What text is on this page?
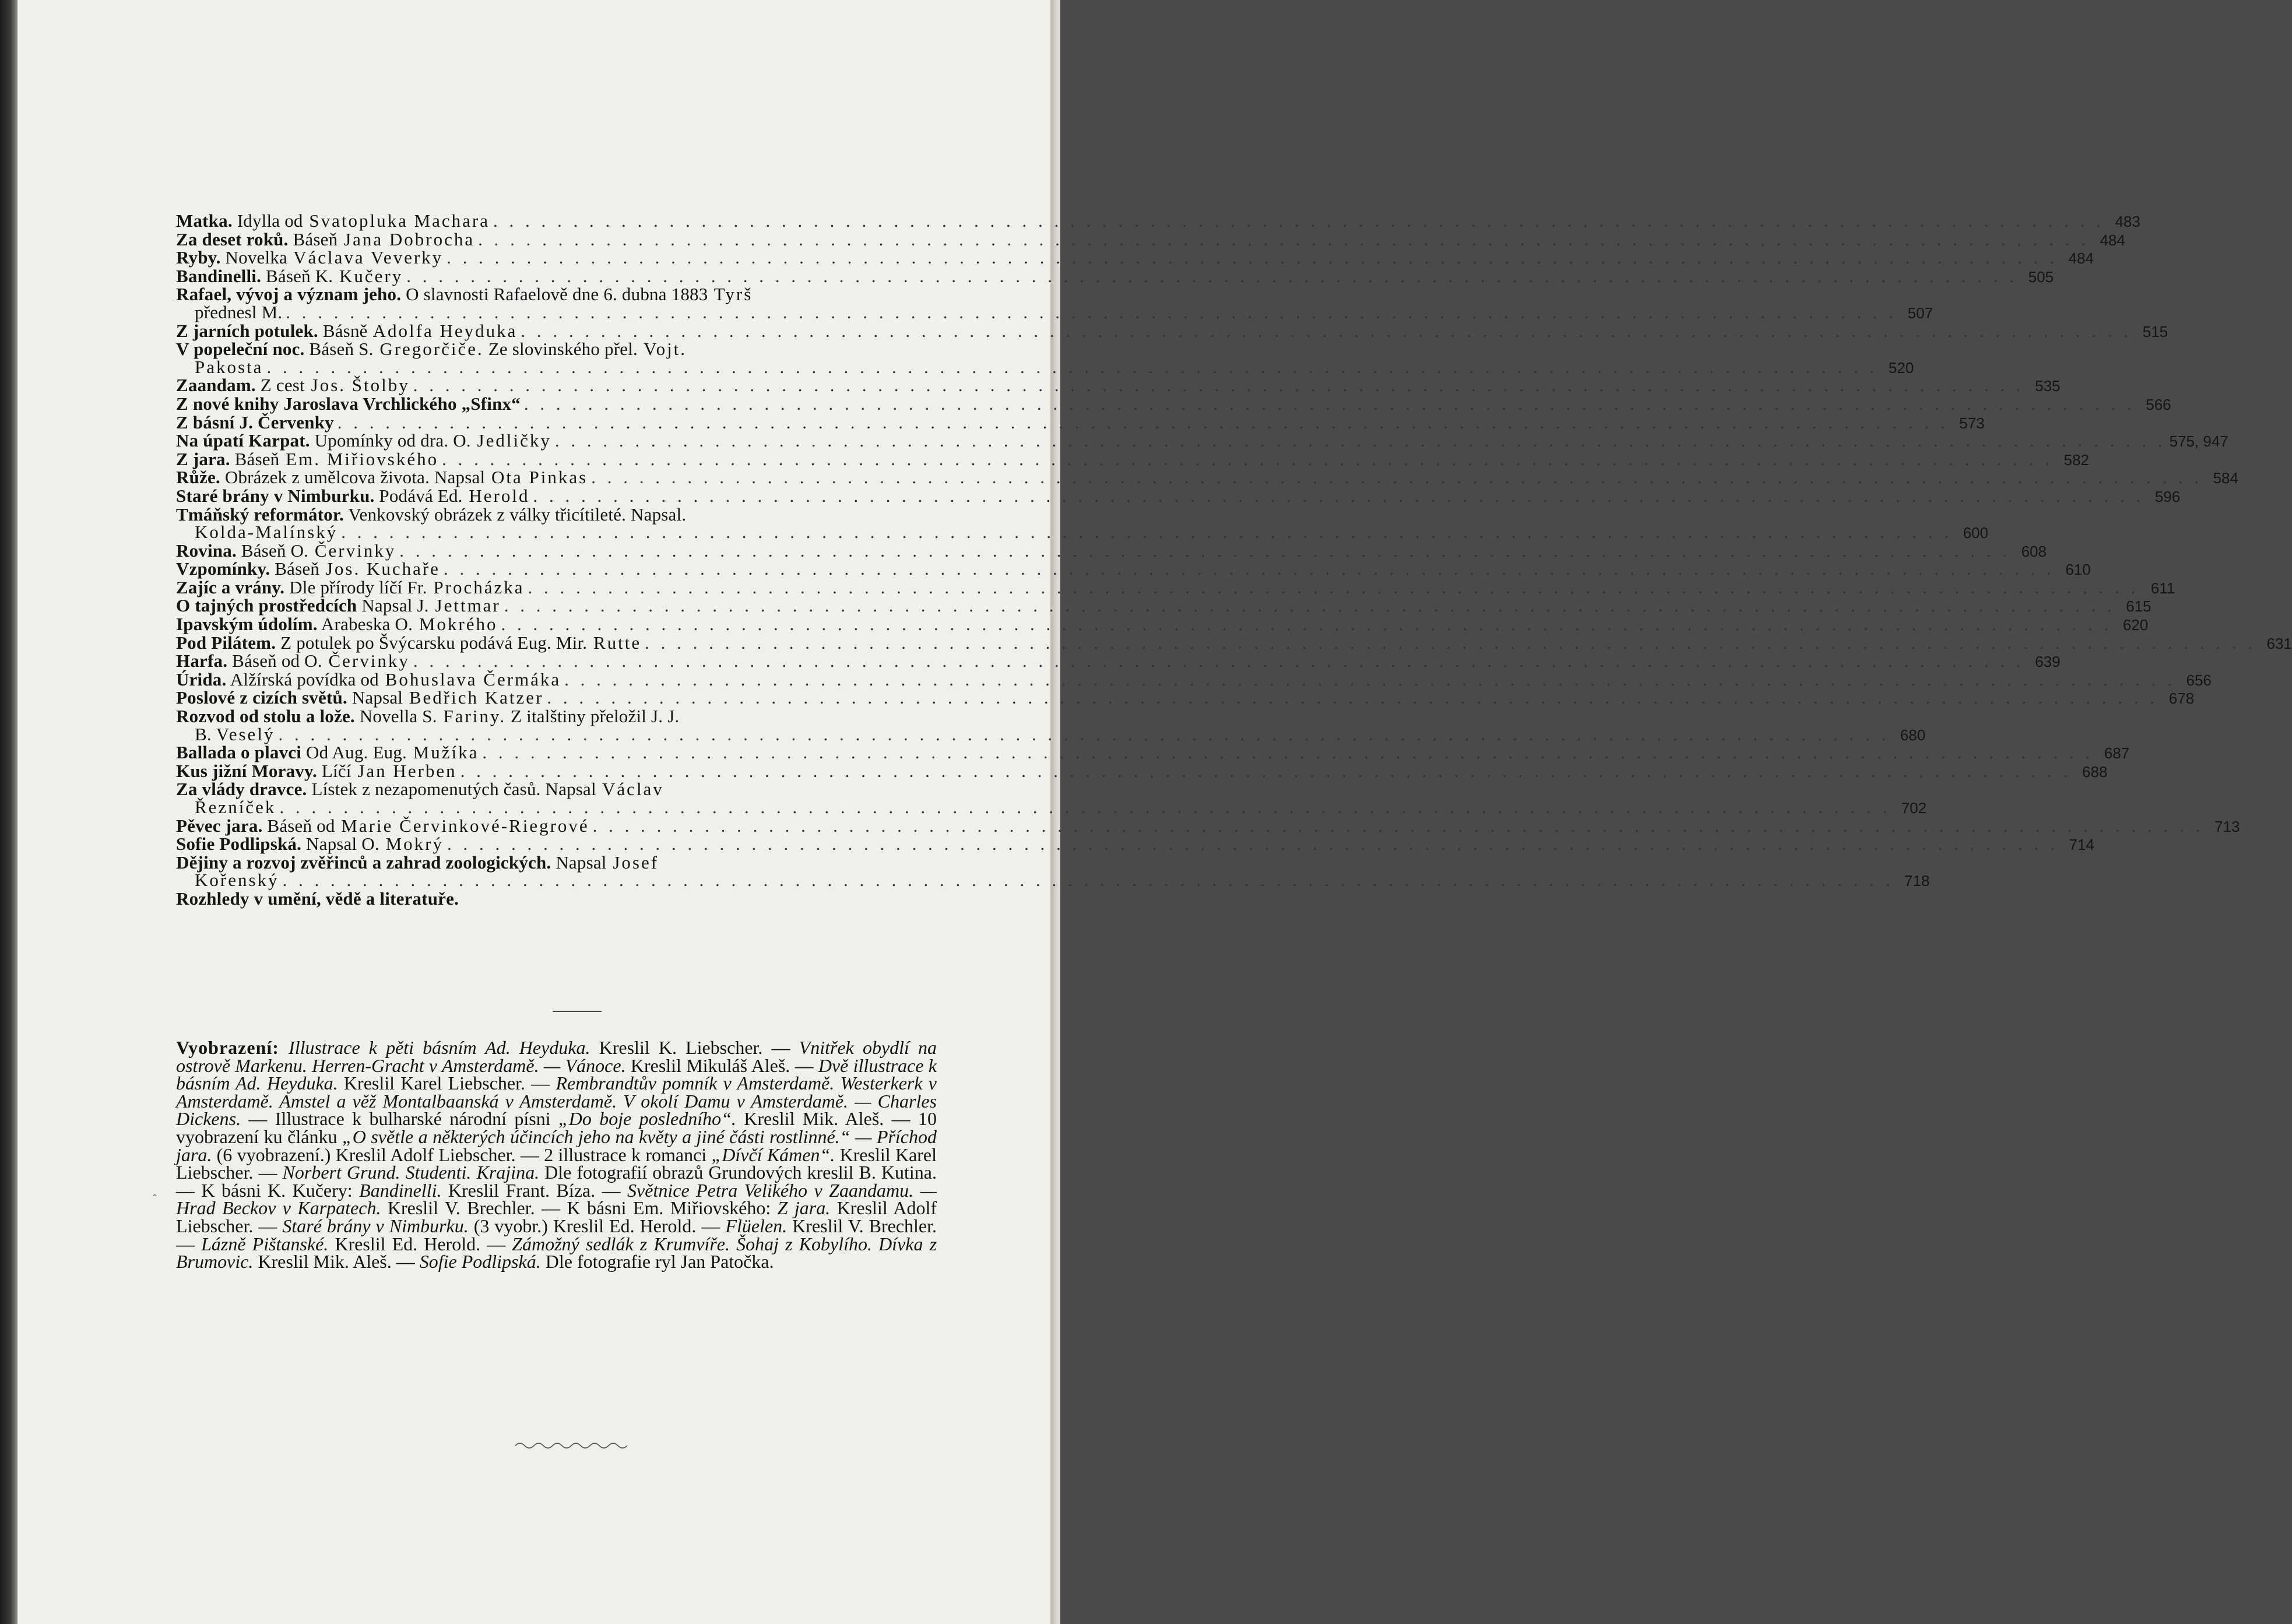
Matka. Idylla od Svatopluka Machara . . . . . . . . . . . . . . . . . . . . . . . . . . . . . . . . . . . . . . . . . . . . . . . . . . . . . . . . . . . . . . . . . . . . . . . . . . . . . . . . . . . . . . . . . . . . . . . . . . . . . 483
Za deset roků. Báseň Jana Dobrocha . . . . . . . . . . . . . . . . . . . . . . . . . . . . . . . . . . . . . . . . . . . . . . . . . . . . . . . . . . . . . . . . . . . . . . . . . . . . . . . . . . . . . . . . . . . . . . . . . . . . . 484
Ryby. Novelka Václava Veverky . . . . . . . . . . . . . . . . . . . . . . . . . . . . . . . . . . . . . . . . . . . . . . . . . . . . . . . . . . . . . . . . . . . . . . . . . . . . . . . . . . . . . . . . . . . . . . . . . . . . . 484
Bandinelli. Báseň K. Kučery . . . . . . . . . . . . . . . . . . . . . . . . . . . . . . . . . . . . . . . . . . . . . . . . . . . . . . . . . . . . . . . . . . . . . . . . . . . . . . . . . . . . . . . . . . . . . . . . . . . . . 505
Rafael, vývoj a význam jeho. O slavnosti Rafaelově dne 6. dubna 1883 Tyrš
přednesl M. . . . . . . . . . . . . . . . . . . . . . . . . . . . . . . . . . . . . . . . . . . . . . . . . . . . . . . . . . . . . . . . . . . . . . . . . . . . . . . . . . . . . . . . . . . . . . . . . . . . . . 507
Z jarních potulek. Básně Adolfa Heyduka . . . . . . . . . . . . . . . . . . . . . . . . . . . . . . . . . . . . . . . . . . . . . . . . . . . . . . . . . . . . . . . . . . . . . . . . . . . . . . . . . . . . . . . . . . . . . . . . . . . . . 515
V popeleční noc. Báseň S. Gregorčiče. Ze slovinského přel. Vojt.
Pakosta . . . . . . . . . . . . . . . . . . . . . . . . . . . . . . . . . . . . . . . . . . . . . . . . . . . . . . . . . . . . . . . . . . . . . . . . . . . . . . . . . . . . . . . . . . . . . . . . . . . . . 520
Zaandam. Z cest Jos. Štolby . . . . . . . . . . . . . . . . . . . . . . . . . . . . . . . . . . . . . . . . . . . . . . . . . . . . . . . . . . . . . . . . . . . . . . . . . . . . . . . . . . . . . . . . . . . . . . . . . . . . . 535
Z nové knihy Jaroslava Vrchlického „Sfinx“ . . . . . . . . . . . . . . . . . . . . . . . . . . . . . . . . . . . . . . . . . . . . . . . . . . . . . . . . . . . . . . . . . . . . . . . . . . . . . . . . . . . . . . . . . . . . . . . . . . . . . 566
Z básní J. Červenky . . . . . . . . . . . . . . . . . . . . . . . . . . . . . . . . . . . . . . . . . . . . . . . . . . . . . . . . . . . . . . . . . . . . . . . . . . . . . . . . . . . . . . . . . . . . . . . . . . . . . 573
Na úpatí Karpat. Upomínky od dra. O. Jedličky . . . . . . . . . . . . . . . . . . . . . . . . . . . . . . . . . . . . . . . . . . . . . . . . . . . . . . . . . . . . . . . . . . . . . . . . . . . . . . . . . . . . . . . . . . . . . . . . . . . . . 575, 947
Z jara. Báseň Em. Miřiovského . . . . . . . . . . . . . . . . . . . . . . . . . . . . . . . . . . . . . . . . . . . . . . . . . . . . . . . . . . . . . . . . . . . . . . . . . . . . . . . . . . . . . . . . . . . . . . . . . . . . . 582
Růže. Obrázek z umělcova života. Napsal Ota Pinkas . . . . . . . . . . . . . . . . . . . . . . . . . . . . . . . . . . . . . . . . . . . . . . . . . . . . . . . . . . . . . . . . . . . . . . . . . . . . . . . . . . . . . . . . . . . . . . . . . . . . . 584
Staré brány v Nimburku. Podává Ed. Herold . . . . . . . . . . . . . . . . . . . . . . . . . . . . . . . . . . . . . . . . . . . . . . . . . . . . . . . . . . . . . . . . . . . . . . . . . . . . . . . . . . . . . . . . . . . . . . . . . . . . . 596
Tmáňský reformátor. Venkovský obrázek z války třicítileté. Napsal.
Kolda-Malínský . . . . . . . . . . . . . . . . . . . . . . . . . . . . . . . . . . . . . . . . . . . . . . . . . . . . . . . . . . . . . . . . . . . . . . . . . . . . . . . . . . . . . . . . . . . . . . . . . . . . . 600
Rovina. Báseň O. Červinky . . . . . . . . . . . . . . . . . . . . . . . . . . . . . . . . . . . . . . . . . . . . . . . . . . . . . . . . . . . . . . . . . . . . . . . . . . . . . . . . . . . . . . . . . . . . . . . . . . . . . 608
Vzpomínky. Báseň Jos. Kuchaře . . . . . . . . . . . . . . . . . . . . . . . . . . . . . . . . . . . . . . . . . . . . . . . . . . . . . . . . . . . . . . . . . . . . . . . . . . . . . . . . . . . . . . . . . . . . . . . . . . . . . 610
Zajíc a vrány. Dle přírody líčí Fr. Procházka . . . . . . . . . . . . . . . . . . . . . . . . . . . . . . . . . . . . . . . . . . . . . . . . . . . . . . . . . . . . . . . . . . . . . . . . . . . . . . . . . . . . . . . . . . . . . . . . . . . . . 611
O tajných prostředcích Napsal J. Jettmar . . . . . . . . . . . . . . . . . . . . . . . . . . . . . . . . . . . . . . . . . . . . . . . . . . . . . . . . . . . . . . . . . . . . . . . . . . . . . . . . . . . . . . . . . . . . . . . . . . . . . 615
Ipavským údolím. Arabeska O. Mokrého . . . . . . . . . . . . . . . . . . . . . . . . . . . . . . . . . . . . . . . . . . . . . . . . . . . . . . . . . . . . . . . . . . . . . . . . . . . . . . . . . . . . . . . . . . . . . . . . . . . . . 620
Pod Pilátem. Z potulek po Švýcarsku podává Eug. Mir. Rutte . . . . . . . . . . . . . . . . . . . . . . . . . . . . . . . . . . . . . . . . . . . . . . . . . . . . . . . . . . . . . . . . . . . . . . . . . . . . . . . . . . . . . . . . . . . . . . . . . . . . . 631
Harfa. Báseň od O. Červinky . . . . . . . . . . . . . . . . . . . . . . . . . . . . . . . . . . . . . . . . . . . . . . . . . . . . . . . . . . . . . . . . . . . . . . . . . . . . . . . . . . . . . . . . . . . . . . . . . . . . . 639
Úrida. Alžírská povídka od Bohuslava Čermáka . . . . . . . . . . . . . . . . . . . . . . . . . . . . . . . . . . . . . . . . . . . . . . . . . . . . . . . . . . . . . . . . . . . . . . . . . . . . . . . . . . . . . . . . . . . . . . . . . . . . . 656
Poslové z cizích světů. Napsal Bedřich Katzer . . . . . . . . . . . . . . . . . . . . . . . . . . . . . . . . . . . . . . . . . . . . . . . . . . . . . . . . . . . . . . . . . . . . . . . . . . . . . . . . . . . . . . . . . . . . . . . . . . . . . 678
Rozvod od stolu a lože. Novella S. Fariny. Z italštiny přeložil J. J.
B. Veselý . . . . . . . . . . . . . . . . . . . . . . . . . . . . . . . . . . . . . . . . . . . . . . . . . . . . . . . . . . . . . . . . . . . . . . . . . . . . . . . . . . . . . . . . . . . . . . . . . . . . . 680
Ballada o plavci Od Aug. Eug. Mužíka . . . . . . . . . . . . . . . . . . . . . . . . . . . . . . . . . . . . . . . . . . . . . . . . . . . . . . . . . . . . . . . . . . . . . . . . . . . . . . . . . . . . . . . . . . . . . . . . . . . . . 687
Kus jižní Moravy. Líčí Jan Herben . . . . . . . . . . . . . . . . . . . . . . . . . . . . . . . . . . . . . . . . . . . . . . . . . . . . . . . . . . . . . . . . . . . . . . . . . . . . . . . . . . . . . . . . . . . . . . . . . . . . . 688
Za vlády dravce. Lístek z nezapomenutých časů. Napsal Václav
Řezníček . . . . . . . . . . . . . . . . . . . . . . . . . . . . . . . . . . . . . . . . . . . . . . . . . . . . . . . . . . . . . . . . . . . . . . . . . . . . . . . . . . . . . . . . . . . . . . . . . . . . . 702
Pěvec jara. Báseň od Marie Červinkové-Riegrové . . . . . . . . . . . . . . . . . . . . . . . . . . . . . . . . . . . . . . . . . . . . . . . . . . . . . . . . . . . . . . . . . . . . . . . . . . . . . . . . . . . . . . . . . . . . . . . . . . . . . 713
Sofie Podlipská. Napsal O. Mokrý . . . . . . . . . . . . . . . . . . . . . . . . . . . . . . . . . . . . . . . . . . . . . . . . . . . . . . . . . . . . . . . . . . . . . . . . . . . . . . . . . . . . . . . . . . . . . . . . . . . . . 714
Dějiny a rozvoj zvěřinců a zahrad zoologických. Napsal Josef
Kořenský . . . . . . . . . . . . . . . . . . . . . . . . . . . . . . . . . . . . . . . . . . . . . . . . . . . . . . . . . . . . . . . . . . . . . . . . . . . . . . . . . . . . . . . . . . . . . . . . . . . . . 718
Rozhledy v umění, vědě a literatuře.
Vyobrazení: Illustrace k pěti básním Ad. Heyduka. Kreslil K. Liebscher. — Vnitřek obydlí na ostrově Markenu. Herren-Gracht v Amsterdamě. — Vánoce. Kreslil Mikuláš Aleš. — Dvě illustrace k básním Ad. Heyduka. Kreslil Karel Liebscher. — Rembrandtův pomník v Amsterdamě. Westerkerk v Amsterdamě. Amstel a věž Montalbaanská v Amsterdamě. V okolí Damu v Amsterdamě. — Charles Dickens. — Illustrace k bulharské národní písni „Do boje posledního“. Kreslil Mik. Aleš. — 10 vyobrazení ku článku „O světle a některých účincích jeho na květy a jiné části rostlinné.“ — Příchod jara. (6 vyobrazení.) Kreslil Adolf Liebscher. — 2 illustrace k romanci „Dívčí Kámen“. Kreslil Karel Liebscher. — Norbert Grund. Studenti. Krajina. Dle fotografií obrazů Grundových kreslil B. Kutina. — K básni K. Kučery: Bandinelli. Kreslil Frant. Bíza. — Světnice Petra Velikého v Zaandamu. — Hrad Beckov v Karpatech. Kreslil V. Brechler. — K básni Em. Miřiovského: Z jara. Kreslil Adolf Liebscher. — Staré brány v Nimburku. (3 vyobr.) Kreslil Ed. Herold. — Flüelen. Kreslil V. Brechler. — Lázně Pištanské. Kreslil Ed. Herold. — Zámožný sedlák z Krumvíře. Šohaj z Kobylího. Dívka z Brumovic. Kreslil Mik. Aleš. — Sofie Podlipská. Dle fotografie ryl Jan Patočka.
ˆ
